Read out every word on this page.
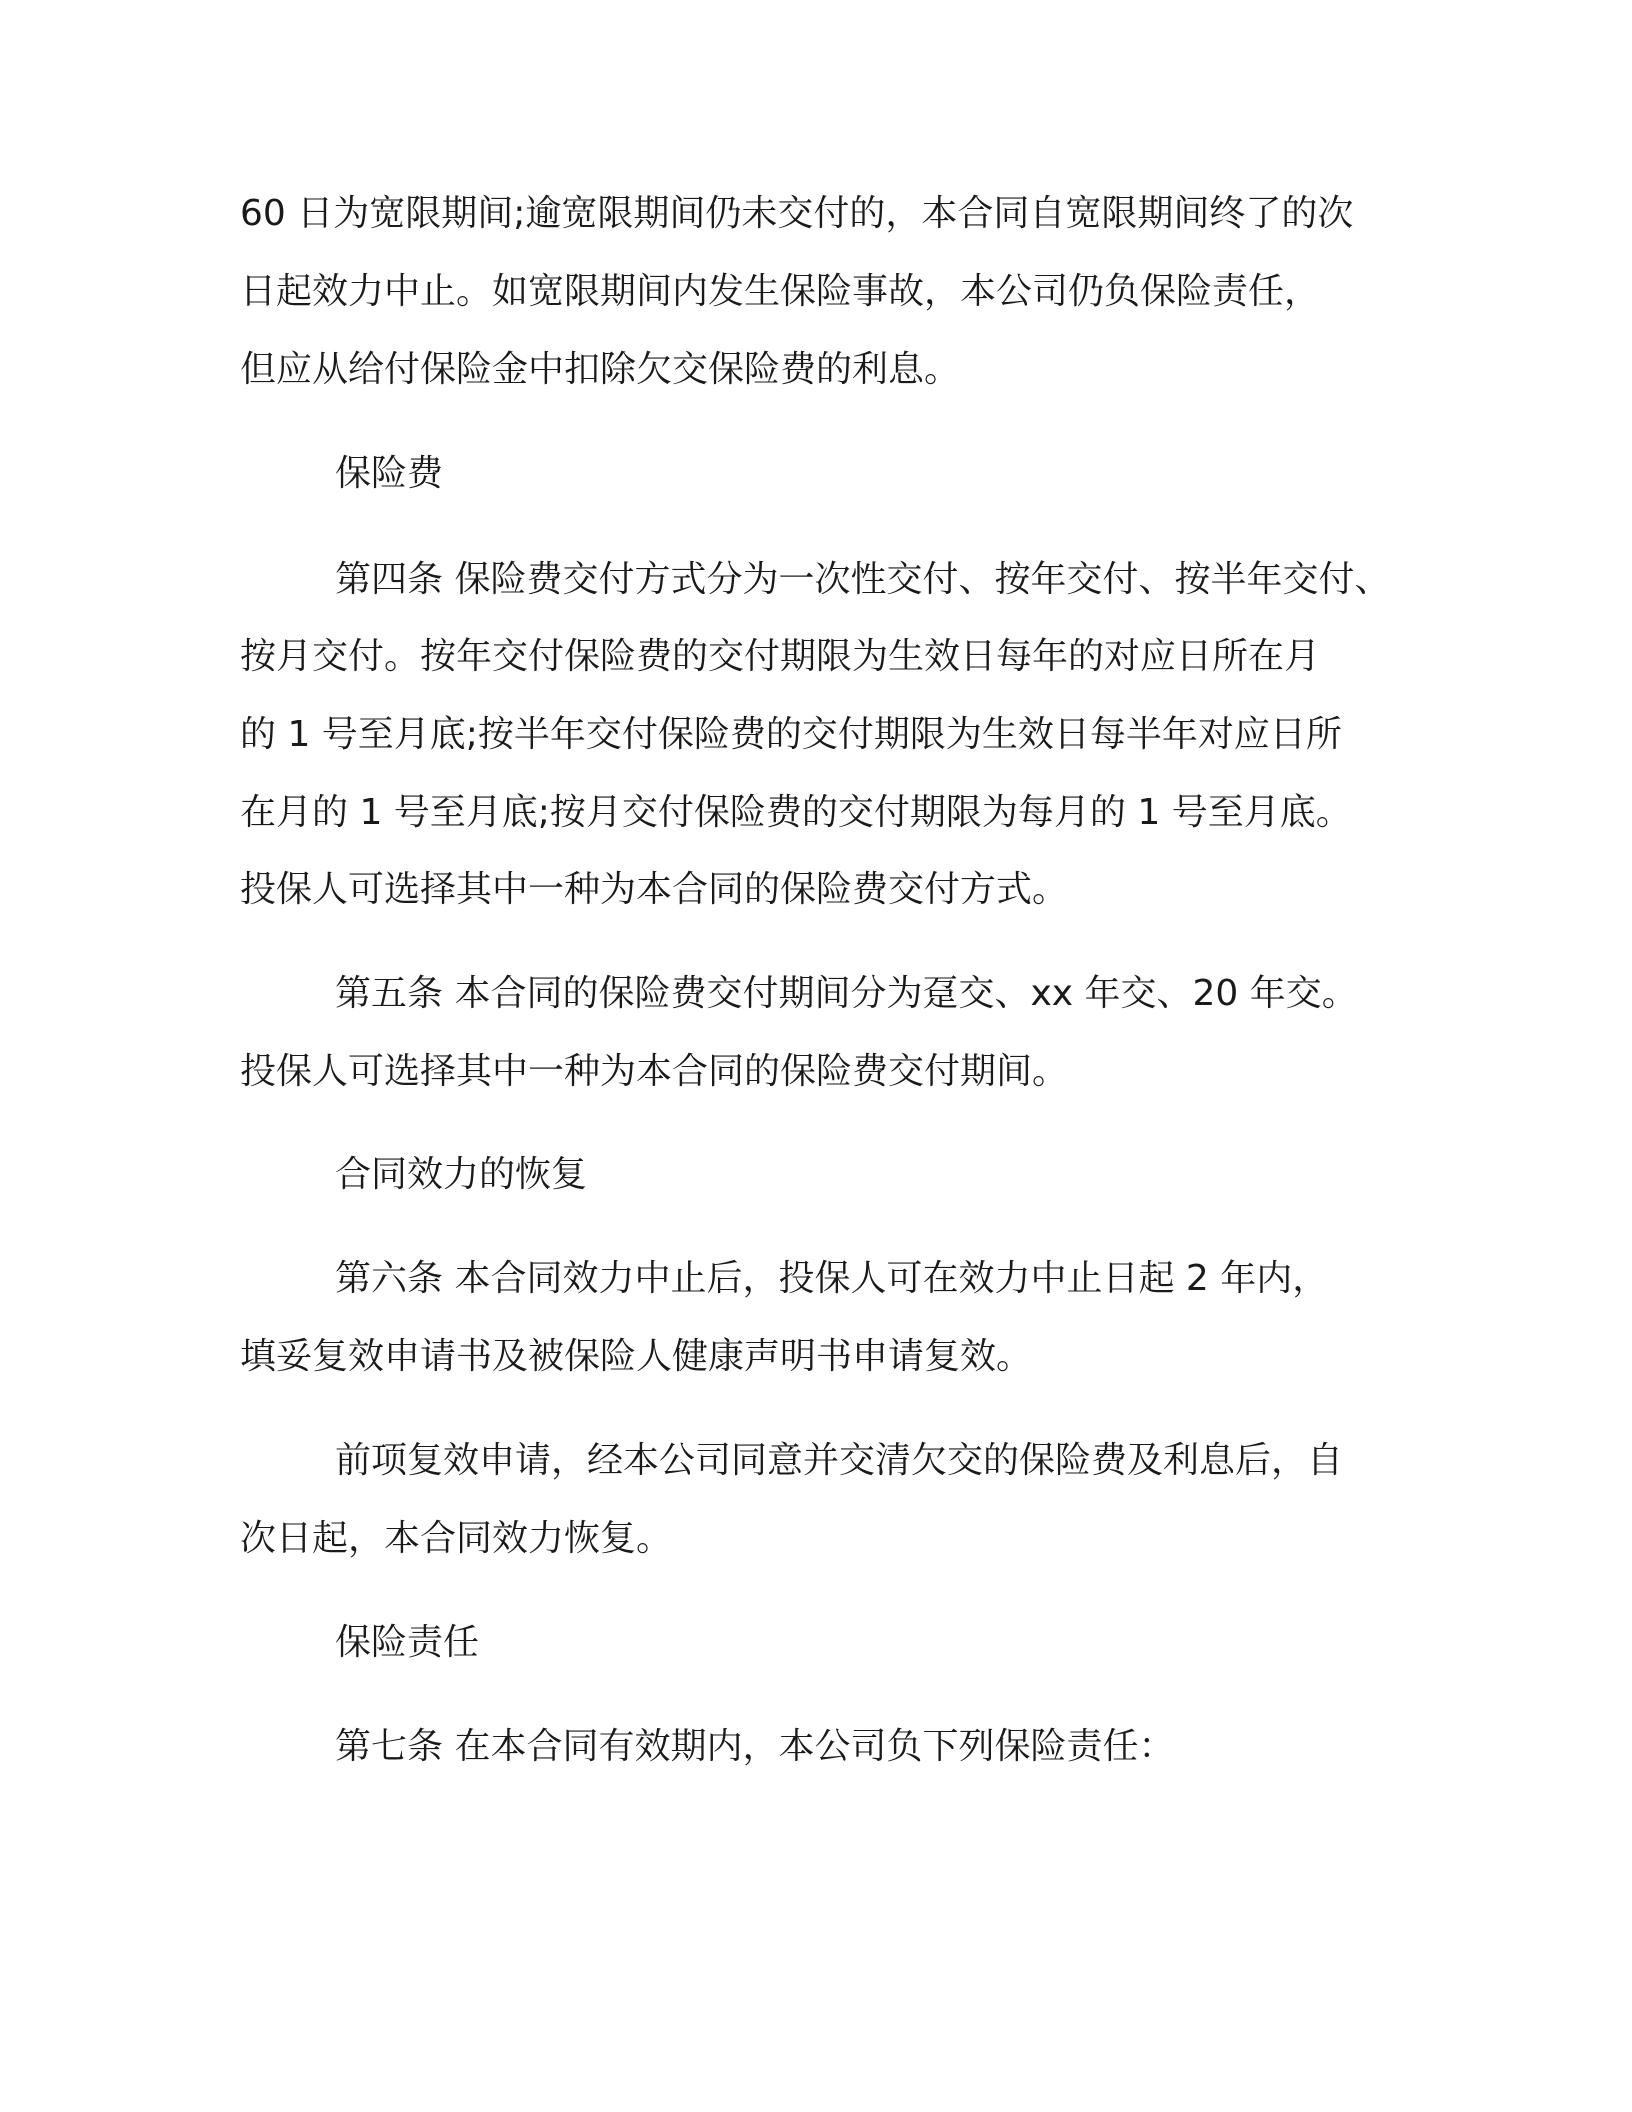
60 日为宽限期间;逾宽限期间仍未交付的，本合同自宽限期间终了的次

日起效力中止。如宽限期间内发生保险事故，本公司仍负保险责任，

但应从给付保险金中扣除欠交保险费的利息。

保险费

第四条 保险费交付方式分为一次性交付、按年交付、按半年交付、

按月交付。按年交付保险费的交付期限为生效日每年的对应日所在月

的 1 号至月底;按半年交付保险费的交付期限为生效日每半年对应日所

在月的 1 号至月底;按月交付保险费的交付期限为每月的 1 号至月底。

投保人可选择其中一种为本合同的保险费交付方式。

第五条 本合同的保险费交付期间分为趸交、xx 年交、20 年交。

投保人可选择其中一种为本合同的保险费交付期间。

合同效力的恢复

第六条 本合同效力中止后，投保人可在效力中止日起 2 年内，

填妥复效申请书及被保险人健康声明书申请复效。

前项复效申请，经本公司同意并交清欠交的保险费及利息后，自

次日起，本合同效力恢复。

保险责任

第七条 在本合同有效期内，本公司负下列保险责任：
